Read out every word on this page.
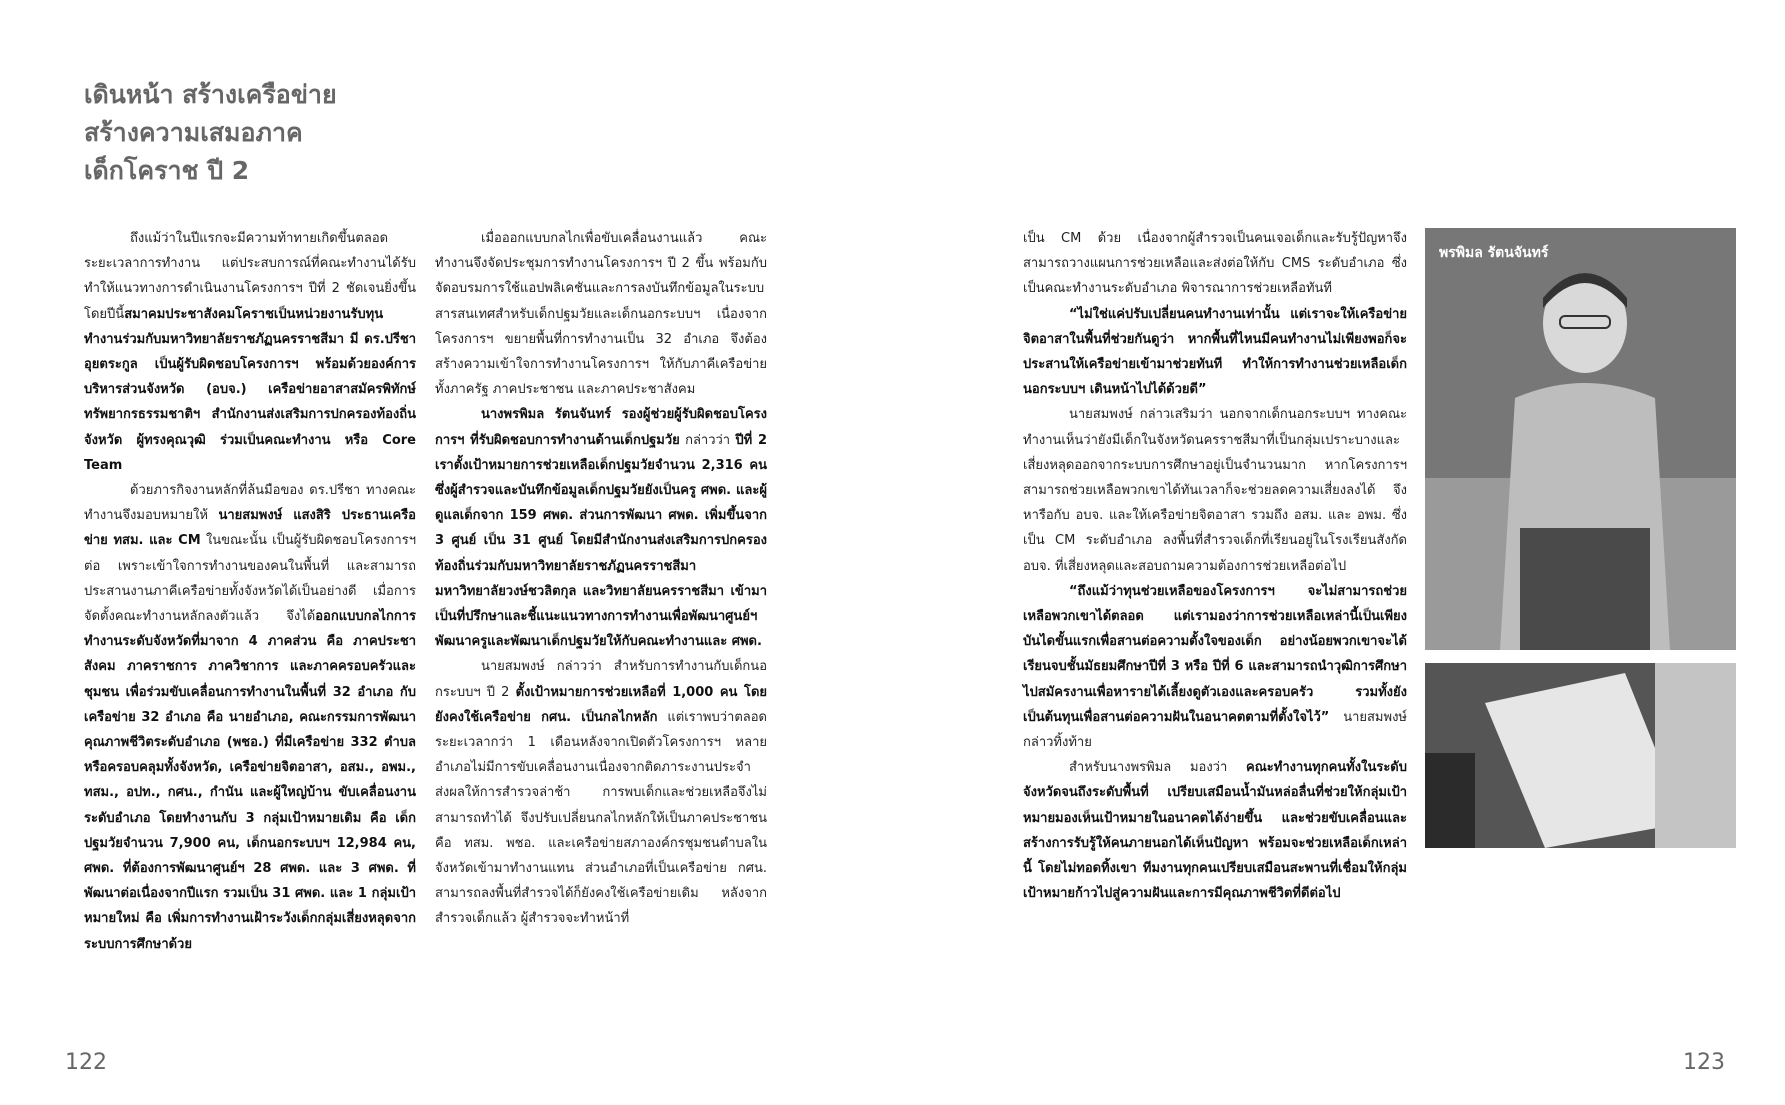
เดินหน้า สร้างเครือข่าย
สร้างความเสมอภาค
เด็กโคราช ปี 2

ถึงแม้ว่าในปีแรกจะมีความท้าทายเกิดขึ้นตลอดระยะเวลาการทำงาน แต่ประสบการณ์ที่คณะทำงานได้รับทำให้แนวทางการดำเนินงานโครงการฯ ปีที่ 2 ชัดเจนยิ่งขึ้น โดยปีนี้สมาคมประชาสังคมโคราชเป็นหน่วยงานรับทุน ทำงานร่วมกับมหาวิทยาลัยราชภัฏนครราชสีมา มี ดร.ปรีชา อุยตระกูล เป็นผู้รับผิดชอบโครงการฯ พร้อมด้วยองค์การบริหารส่วนจังหวัด (อบจ.) เครือข่ายอาสาสมัครพิทักษ์ทรัพยากรธรรมชาติฯ สำนักงานส่งเสริมการปกครองท้องถิ่นจังหวัด ผู้ทรงคุณวุฒิ ร่วมเป็นคณะทำงาน หรือ Core Team

ด้วยภารกิจงานหลักที่ล้นมือของ ดร.ปรีชา ทางคณะทำงานจึงมอบหมายให้ นายสมพงษ์ แสงสิริ ประธานเครือข่าย ทสม. และ CM ในขณะนั้น เป็นผู้รับผิดชอบโครงการฯ ต่อ เพราะเข้าใจการทำงานของคนในพื้นที่ และสามารถประสานงานภาคีเครือข่ายทั้งจังหวัดได้เป็นอย่างดี เมื่อการจัดตั้งคณะทำงานหลักลงตัวแล้ว จึงได้ออกแบบกลไกการทำงานระดับจังหวัดที่มาจาก 4 ภาคส่วน คือ ภาคประชาสังคม ภาคราชการ ภาควิชาการ และภาคครอบครัวและชุมชน เพื่อร่วมขับเคลื่อนการทำงานในพื้นที่ 32 อำเภอ กับเครือข่าย 32 อำเภอ คือ นายอำเภอ, คณะกรรมการพัฒนาคุณภาพชีวิตระดับอำเภอ (พชอ.) ที่มีเครือข่าย 332 ตำบลหรือครอบคลุมทั้งจังหวัด, เครือข่ายจิตอาสา, อสม., อพม., ทสม., อปท., กศน., กำนัน และผู้ใหญ่บ้าน ขับเคลื่อนงานระดับอำเภอ โดยทำงานกับ 3 กลุ่มเป้าหมายเดิม คือ เด็กปฐมวัยจำนวน 7,900 คน, เด็กนอกระบบฯ 12,984 คน, ศพด. ที่ต้องการพัฒนาศูนย์ฯ 28 ศพด. และ 3 ศพด. ที่พัฒนาต่อเนื่องจากปีแรก รวมเป็น 31 ศพด. และ 1 กลุ่มเป้าหมายใหม่ คือ เพิ่มการทำงานเฝ้าระวังเด็กกลุ่มเสี่ยงหลุดจากระบบการศึกษาด้วย

เมื่อออกแบบกลไกเพื่อขับเคลื่อนงานแล้ว คณะทำงานจึงจัดประชุมการทำงานโครงการฯ ปี 2 ขึ้น พร้อมกับจัดอบรมการใช้แอปพลิเคชันและการลงบันทึกข้อมูลในระบบสารสนเทศสำหรับเด็กปฐมวัยและเด็กนอกระบบฯ เนื่องจากโครงการฯ ขยายพื้นที่การทำงานเป็น 32 อำเภอ จึงต้องสร้างความเข้าใจการทำงานโครงการฯ ให้กับภาคีเครือข่ายทั้งภาครัฐ ภาคประชาชน และภาคประชาสังคม

นางพรพิมล รัตนจันทร์ รองผู้ช่วยผู้รับผิดชอบโครงการฯ ที่รับผิดชอบการทำงานด้านเด็กปฐมวัย กล่าวว่า ปีที่ 2 เราตั้งเป้าหมายการช่วยเหลือเด็กปฐมวัยจำนวน 2,316 คน ซึ่งผู้สำรวจและบันทึกข้อมูลเด็กปฐมวัยยังเป็นครู ศพด. และผู้ดูแลเด็กจาก 159 ศพด. ส่วนการพัฒนา ศพด. เพิ่มขึ้นจาก 3 ศูนย์ เป็น 31 ศูนย์ โดยมีสำนักงานส่งเสริมการปกครองท้องถิ่นร่วมกับมหาวิทยาลัยราชภัฏนครราชสีมา มหาวิทยาลัยวงษ์ชวลิตกุล และวิทยาลัยนครราชสีมา เข้ามาเป็นที่ปรึกษาและชี้แนะแนวทางการทำงานเพื่อพัฒนาศูนย์ฯ พัฒนาครูและพัฒนาเด็กปฐมวัยให้กับคณะทำงานและ ศพด.

นายสมพงษ์ กล่าวว่า สำหรับการทำงานกับเด็กนอกระบบฯ ปี 2 ตั้งเป้าหมายการช่วยเหลือที่ 1,000 คน โดยยังคงใช้เครือข่าย กศน. เป็นกลไกหลัก แต่เราพบว่าตลอดระยะเวลากว่า 1 เดือนหลังจากเปิดตัวโครงการฯ หลายอำเภอไม่มีการขับเคลื่อนงานเนื่องจากติดภาระงานประจำ ส่งผลให้การสำรวจล่าช้า การพบเด็กและช่วยเหลือจึงไม่สามารถทำได้ จึงปรับเปลี่ยนกลไกหลักให้เป็นภาคประชาชน คือ ทสม. พชอ. และเครือข่ายสภาองค์กรชุมชนตำบลในจังหวัดเข้ามาทำงานแทน ส่วนอำเภอที่เป็นเครือข่าย กศน. สามารถลงพื้นที่สำรวจได้ก็ยังคงใช้เครือข่ายเดิม หลังจากสำรวจเด็กแล้ว ผู้สำรวจจะทำหน้าที่

เป็น CM ด้วย เนื่องจากผู้สำรวจเป็นคนเจอเด็กและรับรู้ปัญหาจึงสามารถวางแผนการช่วยเหลือและส่งต่อให้กับ CMS ระดับอำเภอ ซึ่งเป็นคณะทำงานระดับอำเภอ พิจารณาการช่วยเหลือทันที

“ไม่ใช่แค่ปรับเปลี่ยนคนทำงานเท่านั้น แต่เราจะให้เครือข่ายจิตอาสาในพื้นที่ช่วยกันดูว่า หากพื้นที่ไหนมีคนทำงานไม่เพียงพอก็จะประสานให้เครือข่ายเข้ามาช่วยทันที ทำให้การทำงานช่วยเหลือเด็กนอกระบบฯ เดินหน้าไปได้ด้วยดี”

นายสมพงษ์ กล่าวเสริมว่า นอกจากเด็กนอกระบบฯ ทางคณะทำงานเห็นว่ายังมีเด็กในจังหวัดนครราชสีมาที่เป็นกลุ่มเปราะบางและเสี่ยงหลุดออกจากระบบการศึกษาอยู่เป็นจำนวนมาก หากโครงการฯ สามารถช่วยเหลือพวกเขาได้ทันเวลาก็จะช่วยลดความเสี่ยงลงได้ จึงหารือกับ อบจ. และให้เครือข่ายจิตอาสา รวมถึง อสม. และ อพม. ซึ่งเป็น CM ระดับอำเภอ ลงพื้นที่สำรวจเด็กที่เรียนอยู่ในโรงเรียนสังกัด อบจ. ที่เสี่ยงหลุดและสอบถามความต้องการช่วยเหลือต่อไป

“ถึงแม้ว่าทุนช่วยเหลือของโครงการฯ จะไม่สามารถช่วยเหลือพวกเขาได้ตลอด แต่เรามองว่าการช่วยเหลือเหล่านี้เป็นเพียงบันไดขั้นแรกเพื่อสานต่อความตั้งใจของเด็ก อย่างน้อยพวกเขาจะได้เรียนจบชั้นมัธยมศึกษาปีที่ 3 หรือ ปีที่ 6 และสามารถนำวุฒิการศึกษาไปสมัครงานเพื่อหารายได้เลี้ยงดูตัวเองและครอบครัว รวมทั้งยังเป็นต้นทุนเพื่อสานต่อความฝันในอนาคตตามที่ตั้งใจไว้” นายสมพงษ์ กล่าวทิ้งท้าย

สำหรับนางพรพิมล มองว่า คณะทำงานทุกคนทั้งในระดับจังหวัดจนถึงระดับพื้นที่ เปรียบเสมือนน้ำมันหล่อลื่นที่ช่วยให้กลุ่มเป้าหมายมองเห็นเป้าหมายในอนาคตได้ง่ายขึ้น และช่วยขับเคลื่อนและสร้างการรับรู้ให้คนภายนอกได้เห็นปัญหา พร้อมจะช่วยเหลือเด็กเหล่านี้ โดยไม่ทอดทิ้งเขา ทีมงานทุกคนเปรียบเสมือนสะพานที่เชื่อมให้กลุ่มเป้าหมายก้าวไปสู่ความฝันและการมีคุณภาพชีวิตที่ดีต่อไป

พรพิมล รัตนจันทร์
122	123
